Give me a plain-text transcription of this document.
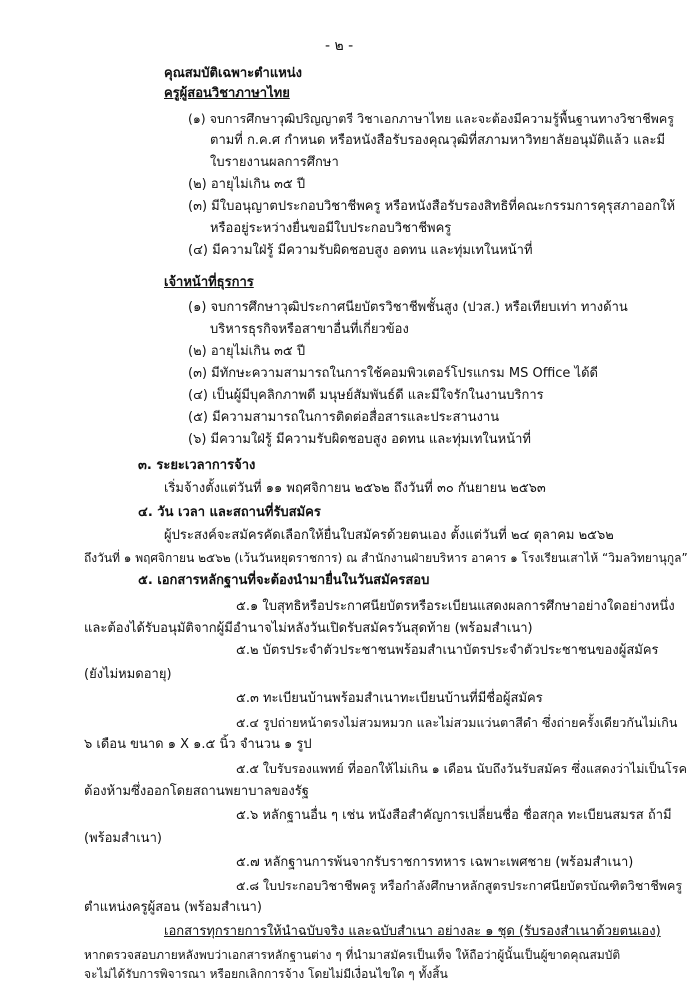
- ๒ -
คุณสมบัติเฉพาะตำแหน่ง
ครูผู้สอนวิชาภาษาไทย
(๑) จบการศึกษาวุฒิปริญญาตรี วิชาเอกภาษาไทย และจะต้องมีความรู้พื้นฐานทางวิชาชีพครู
ตามที่ ก.ค.ศ กำหนด หรือหนังสือรับรองคุณวุฒิที่สภามหาวิทยาลัยอนุมัติแล้ว และมี
ใบรายงานผลการศึกษา
(๒) อายุไม่เกิน ๓๕ ปี
(๓) มีใบอนุญาตประกอบวิชาชีพครู หรือหนังสือรับรองสิทธิที่คณะกรรมการคุรุสภาออกให้
หรืออยู่ระหว่างยื่นขอมีใบประกอบวิชาชีพครู
(๔) มีความใฝ่รู้ มีความรับผิดชอบสูง อดทน และทุ่มเทในหน้าที่
เจ้าหน้าที่ธุรการ
(๑) จบการศึกษาวุฒิประกาศนียบัตรวิชาชีพชั้นสูง (ปวส.) หรือเทียบเท่า ทางด้าน
บริหารธุรกิจหรือสาขาอื่นที่เกี่ยวข้อง
(๒) อายุไม่เกิน ๓๕ ปี
(๓) มีทักษะความสามารถในการใช้คอมพิวเตอร์โปรแกรม MS Office ได้ดี
(๔) เป็นผู้มีบุคลิกภาพดี มนุษย์สัมพันธ์ดี และมีใจรักในงานบริการ
(๕) มีความสามารถในการติดต่อสื่อสารและประสานงาน
(๖) มีความใฝ่รู้ มีความรับผิดชอบสูง อดทน และทุ่มเทในหน้าที่
๓. ระยะเวลาการจ้าง
เริ่มจ้างตั้งแต่วันที่ ๑๑ พฤศจิกายน ๒๕๖๒ ถึงวันที่ ๓๐ กันยายน ๒๕๖๓
๔. วัน เวลา และสถานที่รับสมัคร
ผู้ประสงค์จะสมัครคัดเลือกให้ยื่นใบสมัครด้วยตนเอง ตั้งแต่วันที่ ๒๔ ตุลาคม ๒๕๖๒
ถึงวันที่ ๑ พฤศจิกายน ๒๕๖๒ (เว้นวันหยุดราชการ) ณ สำนักงานฝ่ายบริหาร อาคาร ๑ โรงเรียนเสาไห้ “วิมลวิทยานุกูล”
๕. เอกสารหลักฐานที่จะต้องนำมายื่นในวันสมัครสอบ
๕.๑ ใบสุทธิหรือประกาศนียบัตรหรือระเบียนแสดงผลการศึกษาอย่างใดอย่างหนึ่ง
และต้องได้รับอนุมัติจากผู้มีอำนาจไม่หลังวันเปิดรับสมัครวันสุดท้าย (พร้อมสำเนา)
๕.๒ บัตรประจำตัวประชาชนพร้อมสำเนาบัตรประจำตัวประชาชนของผู้สมัคร
(ยังไม่หมดอายุ)
๕.๓ ทะเบียนบ้านพร้อมสำเนาทะเบียนบ้านที่มีชื่อผู้สมัคร
๕.๔ รูปถ่ายหน้าตรงไม่สวมหมวก และไม่สวมแว่นตาสีดำ ซึ่งถ่ายครั้งเดียวกันไม่เกิน
๖ เดือน ขนาด ๑ X ๑.๕ นิ้ว จำนวน ๑ รูป
๕.๕ ใบรับรองแพทย์ ที่ออกให้ไม่เกิน ๑ เดือน นับถึงวันรับสมัคร ซึ่งแสดงว่าไม่เป็นโรค
ต้องห้ามซึ่งออกโดยสถานพยาบาลของรัฐ
๕.๖ หลักฐานอื่น ๆ เช่น หนังสือสำคัญการเปลี่ยนชื่อ ชื่อสกุล ทะเบียนสมรส ถ้ามี
(พร้อมสำเนา)
๕.๗ หลักฐานการพ้นจากรับราชการทหาร เฉพาะเพศชาย (พร้อมสำเนา)
๕.๘ ใบประกอบวิชาชีพครู หรือกำลังศึกษาหลักสูตรประกาศนียบัตรบัณฑิตวิชาชีพครู
ตำแหน่งครูผู้สอน (พร้อมสำเนา)
เอกสารทุกรายการให้นำฉบับจริง และฉบับสำเนา อย่างละ ๑ ชุด (รับรองสำเนาด้วยตนเอง)
หากตรวจสอบภายหลังพบว่าเอกสารหลักฐานต่าง ๆ ที่นำมาสมัครเป็นเท็จ ให้ถือว่าผู้นั้นเป็นผู้ขาดคุณสมบัติ
จะไม่ได้รับการพิจารณา หรือยกเลิกการจ้าง โดยไม่มีเงื่อนไขใด ๆ ทั้งสิ้น
